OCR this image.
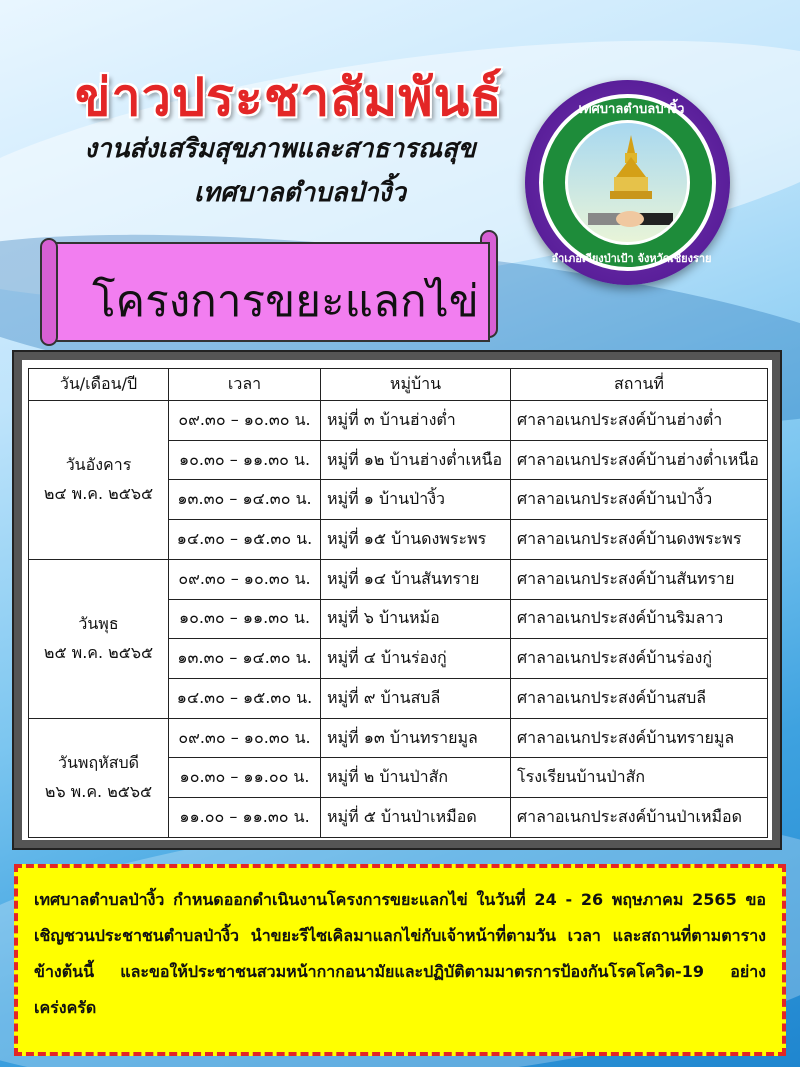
ข่าวประชาสัมพันธ์
งานส่งเสริมสุขภาพและสาธารณสุข
เทศบาลตำบลป่างิ้ว
เทศบาลตำบลป่างิ้ว
อำเภอเวียงป่าเป้า จังหวัดเชียงราย
โครงการขยะแลกไข่
วัน/เดือน/ปี	เวลา	หมู่บ้าน	สถานที่

วันอังคาร
๒๔ พ.ค. ๒๕๖๕	๐๙.๓๐ – ๑๐.๓๐ น.	หมู่ที่ ๓ บ้านฮ่างต่ำ	ศาลาอเนกประสงค์บ้านฮ่างต่ำ
	๑๐.๓๐ – ๑๑.๓๐ น.	หมู่ที่ ๑๒ บ้านฮ่างต่ำเหนือ	ศาลาอเนกประสงค์บ้านฮ่างต่ำเหนือ
	๑๓.๓๐ – ๑๔.๓๐ น.	หมู่ที่ ๑ บ้านป่างิ้ว	ศาลาอเนกประสงค์บ้านป่างิ้ว
	๑๔.๓๐ – ๑๕.๓๐ น.	หมู่ที่ ๑๕ บ้านดงพระพร	ศาลาอเนกประสงค์บ้านดงพระพร

วันพุธ
๒๕ พ.ค. ๒๕๖๕	๐๙.๓๐ – ๑๐.๓๐ น.	หมู่ที่ ๑๔ บ้านสันทราย	ศาลาอเนกประสงค์บ้านสันทราย
	๑๐.๓๐ – ๑๑.๓๐ น.	หมู่ที่ ๖ บ้านหม้อ	ศาลาอเนกประสงค์บ้านริมลาว
	๑๓.๓๐ – ๑๔.๓๐ น.	หมู่ที่ ๔ บ้านร่องกู่	ศาลาอเนกประสงค์บ้านร่องกู่
	๑๔.๓๐ – ๑๕.๓๐ น.	หมู่ที่ ๙ บ้านสบลี	ศาลาอเนกประสงค์บ้านสบลี

วันพฤหัสบดี
๒๖ พ.ค. ๒๕๖๕	๐๙.๓๐ – ๑๐.๓๐ น.	หมู่ที่ ๑๓ บ้านทรายมูล	ศาลาอเนกประสงค์บ้านทรายมูล
	๑๐.๓๐ – ๑๑.๐๐ น.	หมู่ที่ ๒ บ้านป่าสัก	โรงเรียนบ้านป่าสัก
	๑๑.๐๐ – ๑๑.๓๐ น.	หมู่ที่ ๕ บ้านป่าเหมือด	ศาลาอเนกประสงค์บ้านป่าเหมือด

เทศบาลตำบลป่างิ้ว กำหนดออกดำเนินงานโครงการขยะแลกไข่ ในวันที่ 24 - 26 พฤษภาคม 2565 ขอเชิญชวนประชาชนตำบลป่างิ้ว นำขยะรีไซเคิลมาแลกไข่กับเจ้าหน้าที่ตามวัน เวลา และสถานที่ตามตารางข้างต้นนี้ และขอให้ประชาชนสวมหน้ากากอนามัยและปฏิบัติตามมาตรการป้องกันโรคโควิด-19 อย่างเคร่งครัด
